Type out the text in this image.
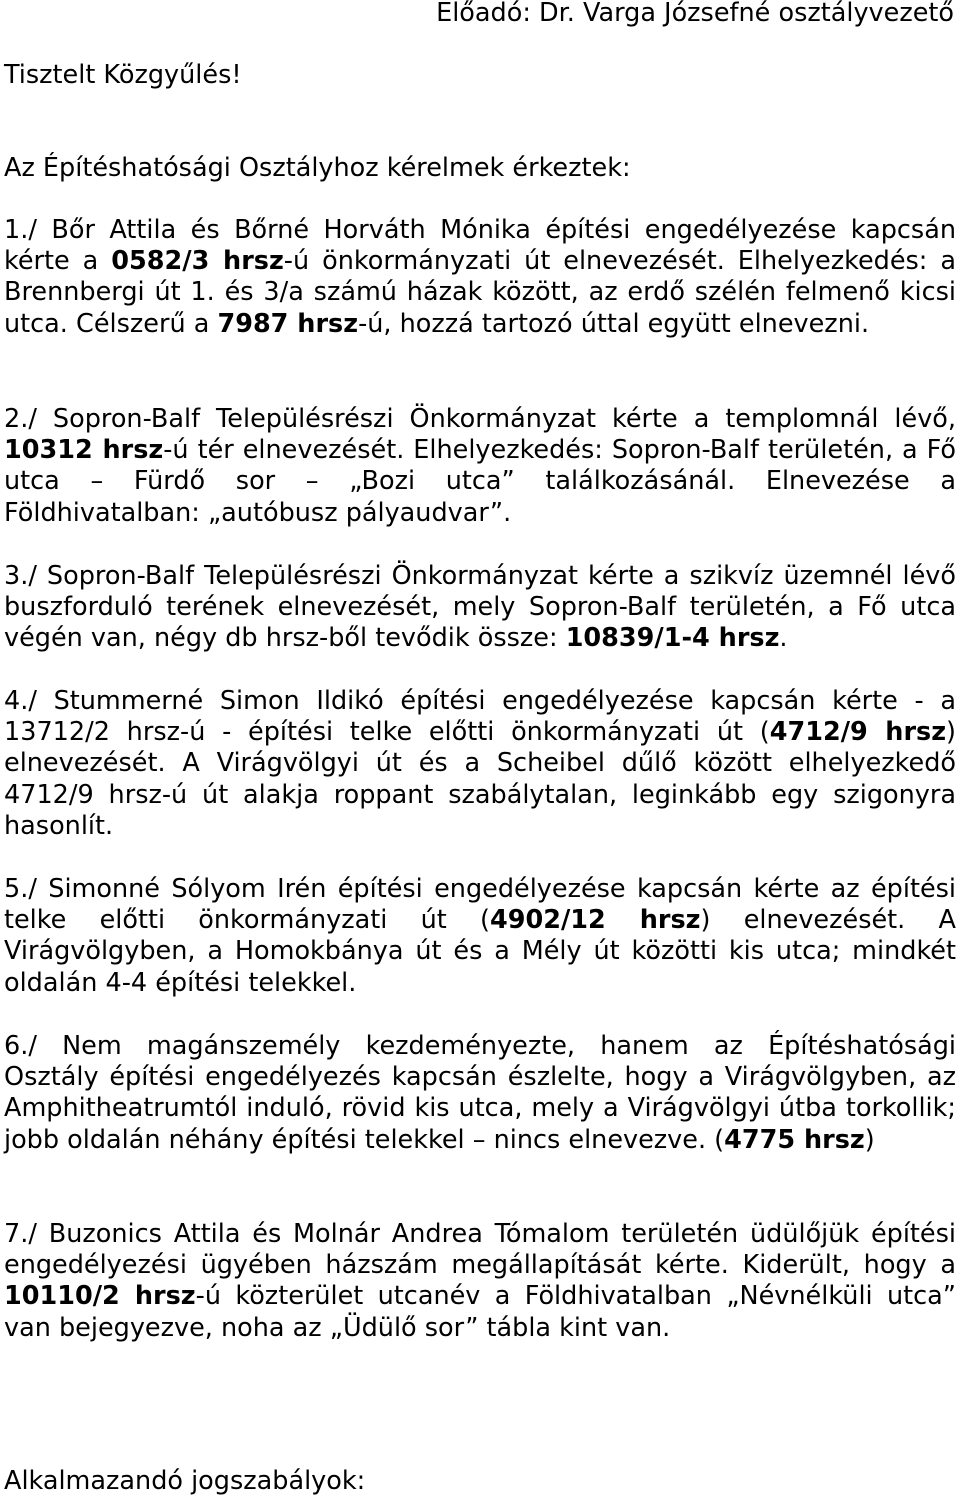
Előadó: Dr. Varga Józsefné osztályvezető
Tisztelt Közgyűlés!
Az Építéshatósági Osztályhoz kérelmek érkeztek:

1./ Bőr Attila és Bőrné Horváth Mónika építési engedélyezése kapcsán kérte a 0582/3 hrsz-ú önkormányzati út elnevezését. Elhelyezkedés: a Brennbergi út 1. és 3/a számú házak között, az erdő szélén felmenő kicsi utca. Célszerű a 7987 hrsz-ú, hozzá tartozó úttal együtt elnevezni.

2./ Sopron-Balf Településrészi Önkormányzat kérte a templomnál lévő, 10312 hrsz-ú tér elnevezését. Elhelyezkedés: Sopron-Balf területén, a Fő utca – Fürdő sor – „Bozi utca” találkozásánál. Elnevezése a Földhivatalban: „autóbusz pályaudvar”.

3./ Sopron-Balf Településrészi Önkormányzat kérte a szikvíz üzemnél lévő buszforduló terének elnevezését, mely Sopron-Balf területén, a Fő utca végén van, négy db hrsz-ből tevődik össze: 10839/1-4 hrsz.

4./ Stummerné Simon Ildikó építési engedélyezése kapcsán kérte - a 13712/2 hrsz-ú - építési telke előtti önkormányzati út (4712/9 hrsz) elnevezését. A Virágvölgyi út és a Scheibel dűlő között elhelyezkedő 4712/9 hrsz-ú út alakja roppant szabálytalan, leginkább egy szigonyra hasonlít.

5./ Simonné Sólyom Irén építési engedélyezése kapcsán kérte az építési telke előtti önkormányzati út (4902/12 hrsz) elnevezését. A Virágvölgyben, a Homokbánya út és a Mély út közötti kis utca; mindkét oldalán 4-4 építési telekkel.

6./ Nem magánszemély kezdeményezte, hanem az Építéshatósági Osztály építési engedélyezés kapcsán észlelte, hogy a Virágvölgyben, az Amphitheatrumtól induló, rövid kis utca, mely a Virágvölgyi útba torkollik; jobb oldalán néhány építési telekkel – nincs elnevezve. (4775 hrsz)

7./ Buzonics Attila és Molnár Andrea Tómalom területén üdülőjük építési engedélyezési ügyében házszám megállapítását kérte. Kiderült, hogy a 10110/2 hrsz-ú közterület utcanév a Földhivatalban „Névnélküli utca” van bejegyezve, noha az „Üdülő sor” tábla kint van.

Alkalmazandó jogszabályok:
